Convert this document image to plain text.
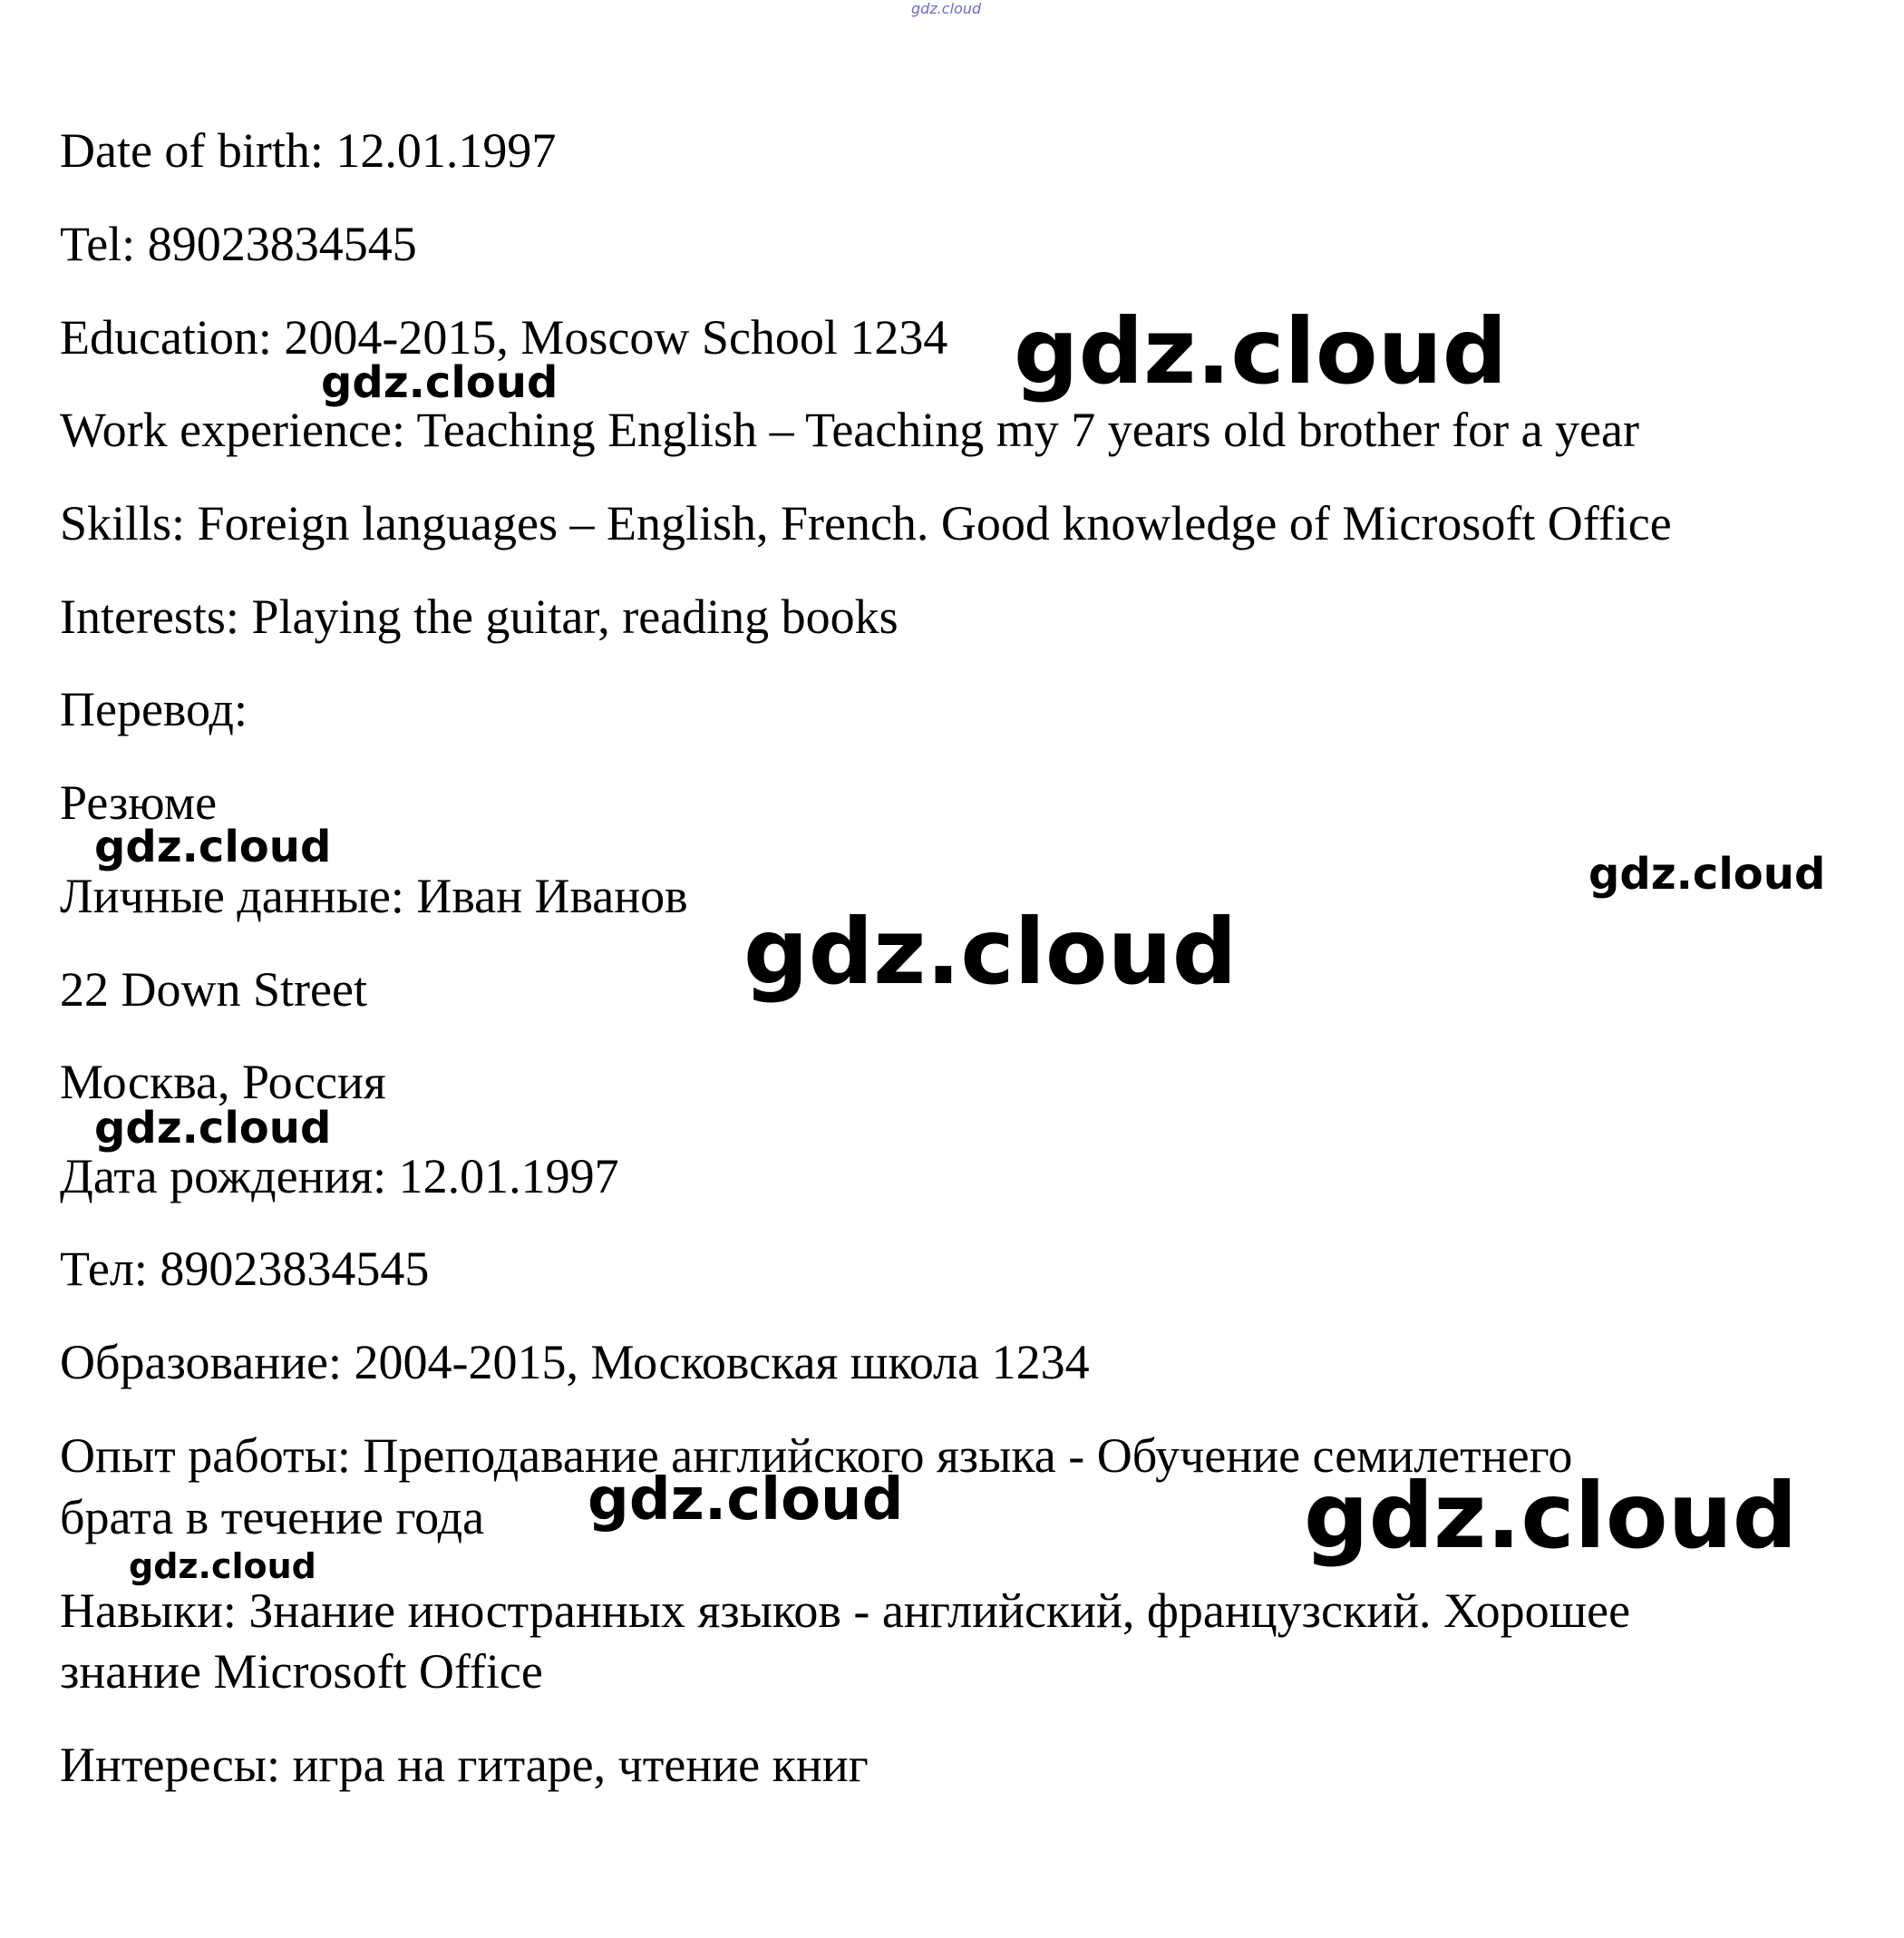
Date of birth: 12.01.1997

Tel: 89023834545

Education: 2004-2015, Moscow School 1234

Work experience: Teaching English – Teaching my 7 years old brother for a year

Skills: Foreign languages – English, French. Good knowledge of Microsoft Office

Interests: Playing the guitar, reading books

Перевод:

Резюме

Личные данные: Иван Иванов

22 Down Street

Москва, Россия

Дата рождения: 12.01.1997

Тел: 89023834545

Образование: 2004-2015, Московская школа 1234

Опыт работы: Преподавание английского языка - Обучение семилетнего

брата в течение года

Навыки: Знание иностранных языков - английский, французский. Хорошее

знание Microsoft Office

Интересы: игра на гитаре, чтение книг

gdz.cloud
gdz.cloud
gdz.cloud
gdz.cloud
gdz.cloud
gdz.cloud
gdz.cloud
gdz.cloud	gdz.cloud
gdz.cloud
